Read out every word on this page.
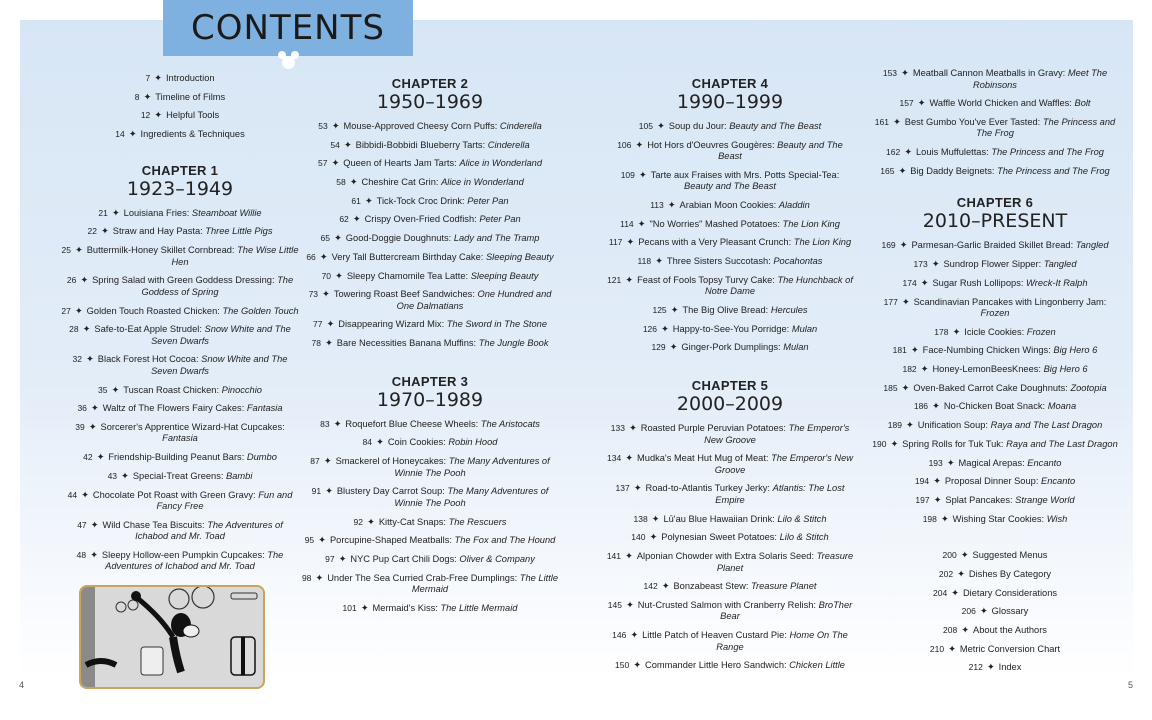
CONTENTS
7 ✦ Introduction
8 ✦ Timeline of Films
12 ✦ Helpful Tools
14 ✦ Ingredients & Techniques
CHAPTER 1
1923–1949
21 ✦ Louisiana Fries: Steamboat Willie
22 ✦ Straw and Hay Pasta: Three Little Pigs
25 ✦ Buttermilk-Honey Skillet Cornbread: The Wise Little Hen
26 ✦ Spring Salad with Green Goddess Dressing: The Goddess of Spring
27 ✦ Golden Touch Roasted Chicken: The Golden Touch
28 ✦ Safe-to-Eat Apple Strudel: Snow White and The Seven Dwarfs
32 ✦ Black Forest Hot Cocoa: Snow White and The Seven Dwarfs
35 ✦ Tuscan Roast Chicken: Pinocchio
36 ✦ Waltz of The Flowers Fairy Cakes: Fantasia
39 ✦ Sorcerer's Apprentice Wizard-Hat Cupcakes: Fantasia
42 ✦ Friendship-Building Peanut Bars: Dumbo
43 ✦ Special-Treat Greens: Bambi
44 ✦ Chocolate Pot Roast with Green Gravy: Fun and Fancy Free
47 ✦ Wild Chase Tea Biscuits: The Adventures of Ichabod and Mr. Toad
48 ✦ Sleepy Hollow-een Pumpkin Cupcakes: The Adventures of Ichabod and Mr. Toad
CHAPTER 2
1950–1969
53 ✦ Mouse-Approved Cheesy Corn Puffs: Cinderella
54 ✦ Bibbidi-Bobbidi Blueberry Tarts: Cinderella
57 ✦ Queen of Hearts Jam Tarts: Alice in Wonderland
58 ✦ Cheshire Cat Grin: Alice in Wonderland
61 ✦ Tick-Tock Croc Drink: Peter Pan
62 ✦ Crispy Oven-Fried Codfish: Peter Pan
65 ✦ Good-Doggie Doughnuts: Lady and The Tramp
66 ✦ Very Tall Buttercream Birthday Cake: Sleeping Beauty
70 ✦ Sleepy Chamomile Tea Latte: Sleeping Beauty
73 ✦ Towering Roast Beef Sandwiches: One Hundred and One Dalmatians
77 ✦ Disappearing Wizard Mix: The Sword in The Stone
78 ✦ Bare Necessities Banana Muffins: The Jungle Book
CHAPTER 3
1970–1989
83 ✦ Roquefort Blue Cheese Wheels: The Aristocats
84 ✦ Coin Cookies: Robin Hood
87 ✦ Smackerel of Honeycakes: The Many Adventures of Winnie The Pooh
91 ✦ Blustery Day Carrot Soup: The Many Adventures of Winnie The Pooh
92 ✦ Kitty-Cat Snaps: The Rescuers
95 ✦ Porcupine-Shaped Meatballs: The Fox and The Hound
97 ✦ NYC Pup Cart Chili Dogs: Oliver & Company
98 ✦ Under The Sea Curried Crab-Free Dumplings: The Little Mermaid
101 ✦ Mermaid's Kiss: The Little Mermaid
CHAPTER 4
1990–1999
105 ✦ Soup du Jour: Beauty and The Beast
106 ✦ Hot Hors d'Oeuvres Gougères: Beauty and The Beast
109 ✦ Tarte aux Fraises with Mrs. Potts Special-Tea: Beauty and The Beast
113 ✦ Arabian Moon Cookies: Aladdin
114 ✦ "No Worries" Mashed Potatoes: The Lion King
117 ✦ Pecans with a Very Pleasant Crunch: The Lion King
118 ✦ Three Sisters Succotash: Pocahontas
121 ✦ Feast of Fools Topsy Turvy Cake: The Hunchback of Notre Dame
125 ✦ The Big Olive Bread: Hercules
126 ✦ Happy-to-See-You Porridge: Mulan
129 ✦ Ginger-Pork Dumplings: Mulan
CHAPTER 5
2000–2009
133 ✦ Roasted Purple Peruvian Potatoes: The Emperor's New Groove
134 ✦ Mudka's Meat Hut Mug of Meat: The Emperor's New Groove
137 ✦ Road-to-Atlantis Turkey Jerky: Atlantis: The Lost Empire
138 ✦ Lū'au Blue Hawaiian Drink: Lilo & Stitch
140 ✦ Polynesian Sweet Potatoes: Lilo & Stitch
141 ✦ Alponian Chowder with Extra Solaris Seed: Treasure Planet
142 ✦ Bonzabeast Stew: Treasure Planet
145 ✦ Nut-Crusted Salmon with Cranberry Relish: BroTher Bear
146 ✦ Little Patch of Heaven Custard Pie: Home On The Range
150 ✦ Commander Little Hero Sandwich: Chicken Little
153 ✦ Meatball Cannon Meatballs in Gravy: Meet The Robinsons
157 ✦ Waffle World Chicken and Waffles: Bolt
161 ✦ Best Gumbo You've Ever Tasted: The Princess and The Frog
162 ✦ Louis Muffulettas: The Princess and The Frog
165 ✦ Big Daddy Beignets: The Princess and The Frog
CHAPTER 6
2010–PRESENT
169 ✦ Parmesan-Garlic Braided Skillet Bread: Tangled
173 ✦ Sundrop Flower Sipper: Tangled
174 ✦ Sugar Rush Lollipops: Wreck-It Ralph
177 ✦ Scandinavian Pancakes with Lingonberry Jam: Frozen
178 ✦ Icicle Cookies: Frozen
181 ✦ Face-Numbing Chicken Wings: Big Hero 6
182 ✦ Honey-LemonBeesKnees: Big Hero 6
185 ✦ Oven-Baked Carrot Cake Doughnuts: Zootopia
186 ✦ No-Chicken Boat Snack: Moana
189 ✦ Unification Soup: Raya and The Last Dragon
190 ✦ Spring Rolls for Tuk Tuk: Raya and The Last Dragon
193 ✦ Magical Arepas: Encanto
194 ✦ Proposal Dinner Soup: Encanto
197 ✦ Splat Pancakes: Strange World
198 ✦ Wishing Star Cookies: Wish
200 ✦ Suggested Menus
202 ✦ Dishes By Category
204 ✦ Dietary Considerations
206 ✦ Glossary
208 ✦ About the Authors
210 ✦ Metric Conversion Chart
212 ✦ Index
4	5
